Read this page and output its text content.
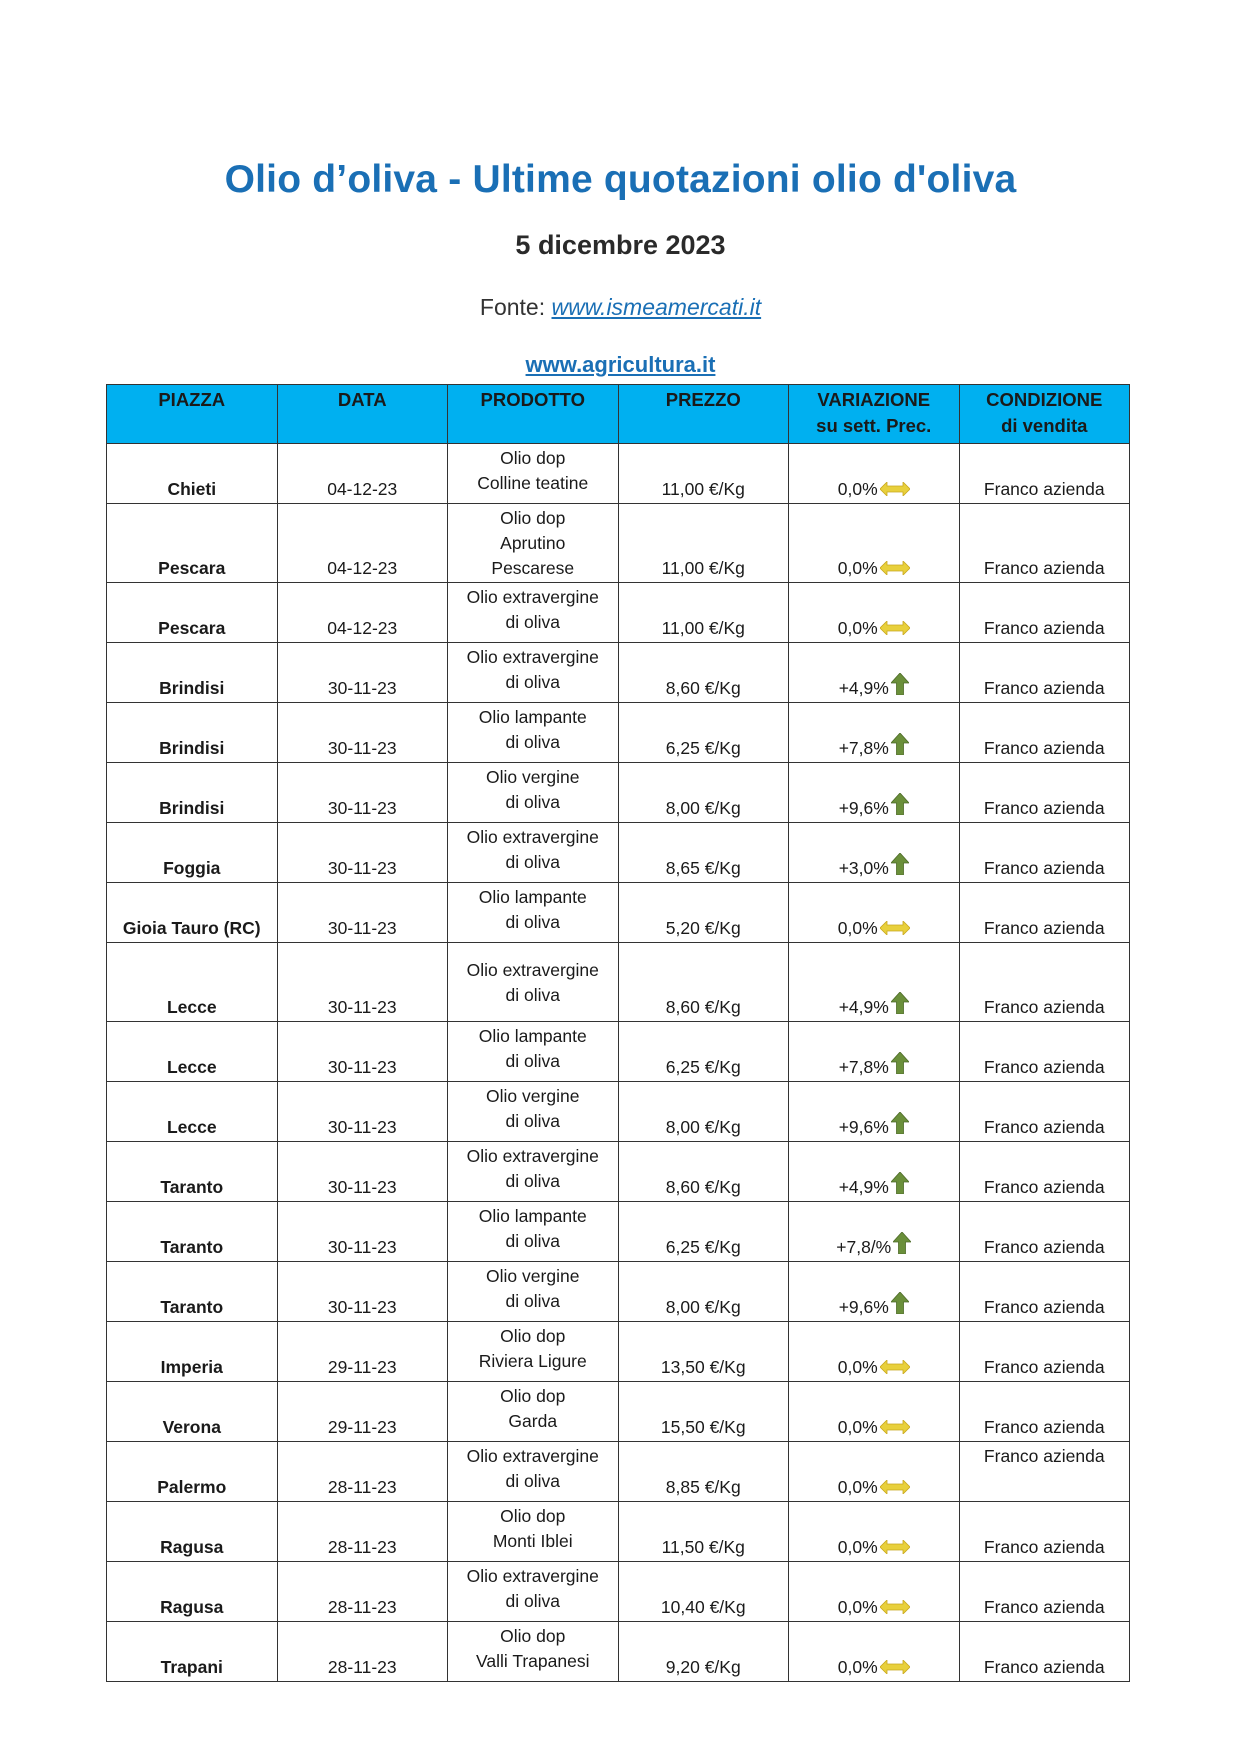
Olio d’oliva - Ultime quotazioni olio d'oliva
5 dicembre 2023
Fonte: www.ismeamercati.it
www.agricultura.it
PIAZZA	DATA	PRODOTTO	PREZZO	VARIAZIONE
su sett. Prec.	CONDIZIONE
di vendita
Chieti	04-12-23	Olio dop
Colline teatine	11,00 €/Kg	0,0%	Franco azienda
Pescara	04-12-23	Olio dop
Aprutino
Pescarese	11,00 €/Kg	0,0%	Franco azienda
Pescara	04-12-23	Olio extravergine
di oliva	11,00 €/Kg	0,0%	Franco azienda
Brindisi	30-11-23	Olio extravergine
di oliva	8,60 €/Kg	+4,9%	Franco azienda
Brindisi	30-11-23	Olio lampante
di oliva	6,25 €/Kg	+7,8%	Franco azienda
Brindisi	30-11-23	Olio vergine
di oliva	8,00 €/Kg	+9,6%	Franco azienda
Foggia	30-11-23	Olio extravergine
di oliva	8,65 €/Kg	+3,0%	Franco azienda
Gioia Tauro (RC)	30-11-23	Olio lampante
di oliva	5,20 €/Kg	0,0%	Franco azienda
Lecce	30-11-23	Olio extravergine
di oliva	8,60 €/Kg	+4,9%	Franco azienda
Lecce	30-11-23	Olio lampante
di oliva	6,25 €/Kg	+7,8%	Franco azienda
Lecce	30-11-23	Olio vergine
di oliva	8,00 €/Kg	+9,6%	Franco azienda
Taranto	30-11-23	Olio extravergine
di oliva	8,60 €/Kg	+4,9%	Franco azienda
Taranto	30-11-23	Olio lampante
di oliva	6,25 €/Kg	+7,8/%	Franco azienda
Taranto	30-11-23	Olio vergine
di oliva	8,00 €/Kg	+9,6%	Franco azienda
Imperia	29-11-23	Olio dop
Riviera Ligure	13,50 €/Kg	0,0%	Franco azienda
Verona	29-11-23	Olio dop
Garda	15,50 €/Kg	0,0%	Franco azienda
Palermo	28-11-23	Olio extravergine
di oliva	8,85 €/Kg	0,0%	Franco azienda
Ragusa	28-11-23	Olio dop
Monti Iblei	11,50 €/Kg	0,0%	Franco azienda
Ragusa	28-11-23	Olio extravergine
di oliva	10,40 €/Kg	0,0%	Franco azienda
Trapani	28-11-23	Olio dop
Valli Trapanesi	9,20 €/Kg	0,0%	Franco azienda
